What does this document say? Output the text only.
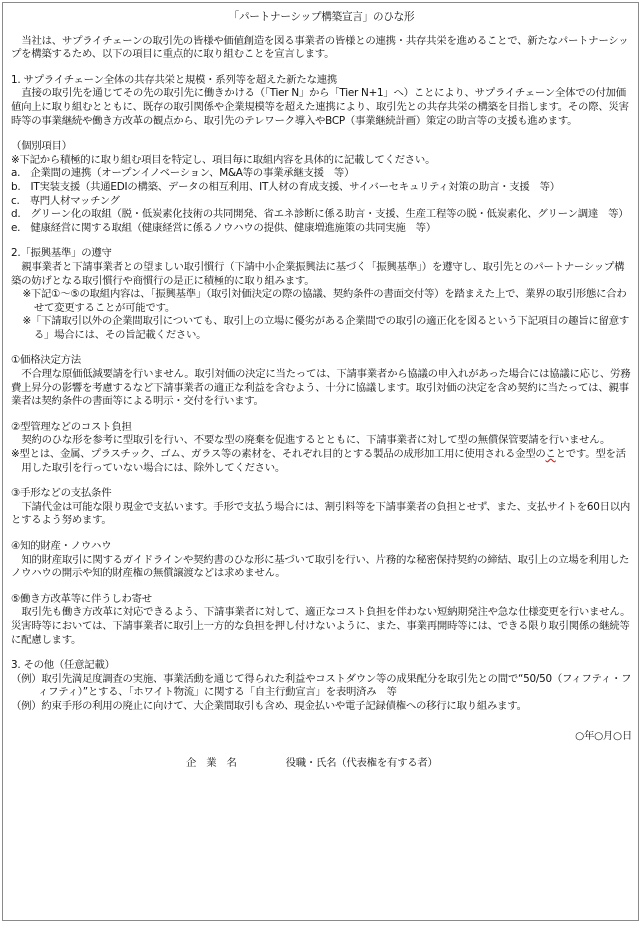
「パートナーシップ構築宣言」のひな形

当社は、サプライチェーンの取引先の皆様や価値創造を図る事業者の皆様との連携・共存共栄を進めることで、新たなパートナーシップを構築するため、以下の項目に重点的に取り組むことを宣言します。

1. サプライチェーン全体の共存共栄と規模・系列等を超えた新たな連携

直接の取引先を通じてその先の取引先に働きかける（「Tier N」から「Tier N+1」へ）ことにより、サプライチェーン全体での付加価値向上に取り組むとともに、既存の取引関係や企業規模等を超えた連携により、取引先との共存共栄の構築を目指します。その際、災害時等の事業継続や働き方改革の観点から、取引先のテレワーク導入やBCP（事業継続計画）策定の助言等の支援も進めます。

（個別項目）

※下記から積極的に取り組む項目を特定し、項目毎に取組内容を具体的に記載してください。

a.　企業間の連携（オープンイノベーション、M&A等の事業承継支援　等）

b.　IT実装支援（共通EDIの構築、データの相互利用、IT人材の育成支援、サイバーセキュリティ対策の助言・支援　等）

c.　専門人材マッチング

d.　グリーン化の取組（脱・低炭素化技術の共同開発、省エネ診断に係る助言・支援、生産工程等の脱・低炭素化、グリーン調達　等）

e.　健康経営に関する取組（健康経営に係るノウハウの提供、健康増進施策の共同実施　等）

2.「振興基準」の遵守

親事業者と下請事業者との望ましい取引慣行（下請中小企業振興法に基づく「振興基準」）を遵守し、取引先とのパートナーシップ構築の妨げとなる取引慣行や商慣行の是正に積極的に取り組みます。

※下記①～⑤の取組内容は、「振興基準」（取引対価決定の際の協議、契約条件の書面交付等）を踏まえた上で、業界の取引形態に合わせて変更することが可能です。

※「下請取引以外の企業間取引についても、取引上の立場に優劣がある企業間での取引の適正化を図るという下記項目の趣旨に留意する」場合には、その旨記載ください。

①価格決定方法

不合理な原価低減要請を行いません。取引対価の決定に当たっては、下請事業者から協議の申入れがあった場合には協議に応じ、労務費上昇分の影響を考慮するなど下請事業者の適正な利益を含むよう、十分に協議します。取引対価の決定を含め契約に当たっては、親事業者は契約条件の書面等による明示・交付を行います。

②型管理などのコスト負担

契約のひな形を参考に型取引を行い、不要な型の廃棄を促進するとともに、下請事業者に対して型の無償保管要請を行いません。

※型とは、金属、プラスチック、ゴム、ガラス等の素材を、それぞれ目的とする製品の成形加工用に使用される金型のことです。型を活用した取引を行っていない場合には、除外してください。

③手形などの支払条件

下請代金は可能な限り現金で支払います。手形で支払う場合には、割引料等を下請事業者の負担とせず、また、支払サイトを60日以内とするよう努めます。

④知的財産・ノウハウ

知的財産取引に関するガイドラインや契約書のひな形に基づいて取引を行い、片務的な秘密保持契約の締結、取引上の立場を利用したノウハウの開示や知的財産権の無償譲渡などは求めません。

⑤働き方改革等に伴うしわ寄せ

取引先も働き方改革に対応できるよう、下請事業者に対して、適正なコスト負担を伴わない短納期発注や急な仕様変更を行いません。災害時等においては、下請事業者に取引上一方的な負担を押し付けないように、また、事業再開時等には、できる限り取引関係の継続等に配慮します。

3. その他（任意記載）

（例）取引先満足度調査の実施、事業活動を通じて得られた利益やコストダウン等の成果配分を取引先との間で“50/50（フィフティ・フィフティ）”とする、「ホワイト物流」に関する「自主行動宣言」を表明済み　等

（例）約束手形の利用の廃止に向けて、大企業間取引も含め、現金払いや電子記録債権への移行に取り組みます。

○年○月○日

企　業　名	役職・氏名（代表権を有する者）
